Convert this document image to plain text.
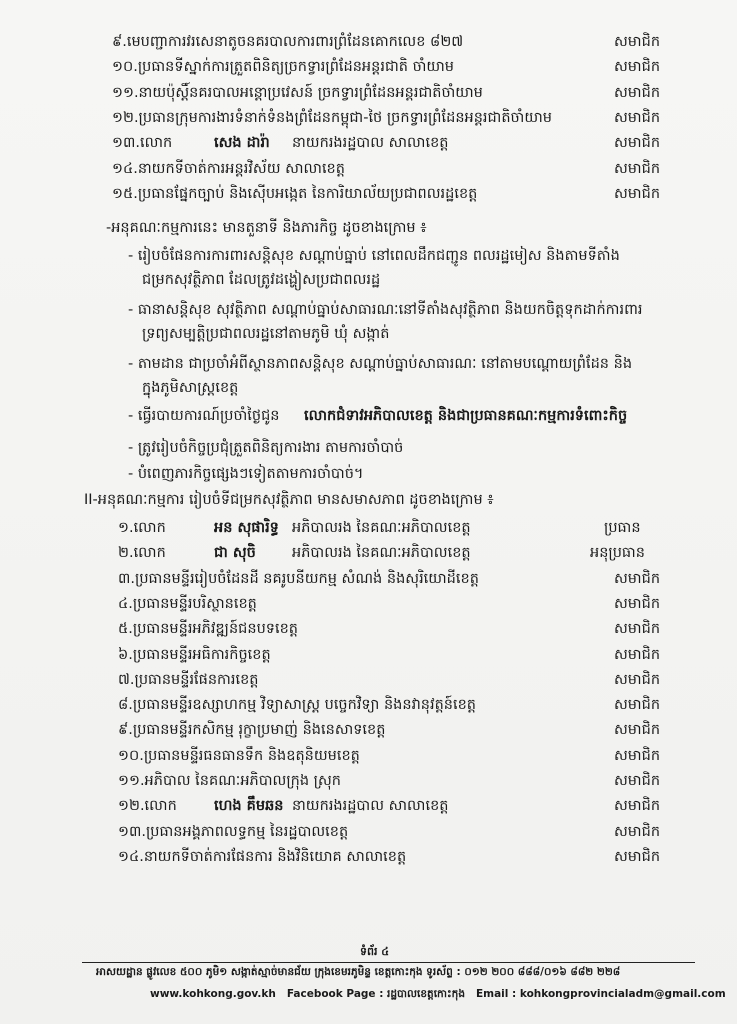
៩.មេបញ្ជាការវរសេនាតូចនគរបាលការពារព្រំដែនគោកលេខ ៨២៧	សមាជិក
១០.ប្រធានទីស្នាក់ការត្រួតពិនិត្យច្រកទ្វារព្រំដែនអន្តរជាតិ ចាំយាម	សមាជិក
១១.នាយប៉ុស្តិ៍នគរបាលអន្តោប្រវេសន៍ ច្រកទ្វារព្រំដែនអន្តរជាតិចាំយាម	សមាជិក
១២.ប្រធានក្រុមការងារទំនាក់ទំនងព្រំដែនកម្ពុជា-ថៃ ច្រកទ្វារព្រំដែនអន្តរជាតិចាំយាម	សមាជិក
១៣.លោក	សេង ដារ៉ា នាយករងរដ្ឋបាល សាលាខេត្ត	សមាជិក
១៤.នាយកទីចាត់ការអន្តរវិស័យ សាលាខេត្ត	សមាជិក
១៥.ប្រធានផ្នែកច្បាប់ និងស៊ើបអង្កេត នៃការិយាល័យប្រជាពលរដ្ឋខេត្ត	សមាជិក
-អនុគណៈកម្មការនេះ មានតួនាទី និងភារកិច្ច ដូចខាងក្រោម ៖
- រៀបចំផែនការការពារសន្តិសុខ សណ្តាប់ធ្នាប់ នៅពេលដឹកជញ្ជូន ពលរដ្ឋមៀស និងតាមទីតាំង
ជម្រកសុវត្ថិភាព ដែលត្រូវដង្ហៀសប្រជាពលរដ្ឋ
- ធានាសន្តិសុខ សុវត្ថិភាព សណ្តាប់ធ្នាប់សាធារណៈនៅទីតាំងសុវត្ថិភាព និងយកចិត្តទុកដាក់ការពារ
ទ្រព្យសម្បត្តិប្រជាពលរដ្ឋនៅតាមភូមិ ឃុំ សង្កាត់
- តាមដាន ជាប្រចាំអំពីស្ថានភាពសន្តិសុខ សណ្តាប់ធ្នាប់សាធារណៈ នៅតាមបណ្តោយព្រំដែន និង
ក្នុងភូមិសាស្ត្រខេត្ត
- ធ្វើរបាយការណ៍ប្រចាំថ្ងៃជូន លោកជំទាវអភិបាលខេត្ត និងជាប្រធានគណៈកម្មការទំពោះកិច្ច
- ត្រូវរៀបចំកិច្ចប្រជុំត្រួតពិនិត្យការងារ តាមការចាំបាច់
- បំពេញភារកិច្ចផ្សេងៗទៀតតាមការចាំបាច់។
II-អនុគណៈកម្មការ រៀបចំទីជម្រកសុវត្ថិភាព មានសមាសភាព ដូចខាងក្រោម ៖
១.លោក	អន សុផារិទ្ធ អភិបាលរង នៃគណៈអភិបាលខេត្ត	ប្រធាន
២.លោក	ជា សុចិ អភិបាលរង នៃគណៈអភិបាលខេត្ត	អនុប្រធាន
៣.ប្រធានមន្ទីររៀបចំដែនដី នគរូបនីយកម្ម សំណង់ និងសុរិយោដីខេត្ត	សមាជិក
៤.ប្រធានមន្ទីរបរិស្ថានខេត្ត	សមាជិក
៥.ប្រធានមន្ទីរអភិវឌ្ឍន៍ជនបទខេត្ត	សមាជិក
៦.ប្រធានមន្ទីរអធិការកិច្ចខេត្ត	សមាជិក
៧.ប្រធានមន្ទីរផែនការខេត្ត	សមាជិក
៨.ប្រធានមន្ទីរឧស្សាហកម្ម វិទ្យាសាស្ត្រ បច្ចេកវិទ្យា និងនវានុវត្តន៍ខេត្ត	សមាជិក
៩.ប្រធានមន្ទីរកសិកម្ម រុក្ខាប្រមាញ់ និងនេសាទខេត្ត	សមាជិក
១០.ប្រធានមន្ទីរធនធានទឹក និងឧតុនិយមខេត្ត	សមាជិក
១១.អភិបាល នៃគណៈអភិបាលក្រុង ស្រុក	សមាជិក
១២.លោក	ហេង គឹមឆន នាយករងរដ្ឋបាល សាលាខេត្ត	សមាជិក
១៣.ប្រធានអង្គភាពលទ្ធកម្ម នៃរដ្ឋបាលខេត្ត	សមាជិក
១៤.នាយកទីចាត់ការផែនការ និងវិនិយោគ សាលាខេត្ត	សមាជិក
ទំព័រ ៤
អាសយដ្ឋាន ផ្លូវលេខ ៥០០ ភូមិ១ សង្កាត់ស្មាច់មានជ័យ ក្រុងខេមរភូមិន្ទ ខេត្តកោះកុង ទូរស័ព្ទ : ០១២ ២០០ ៨៨៨/០១៦ ៨៨២ ២២៨
www.kohkong.gov.kh Facebook Page : រដ្ឋបាលខេត្តកោះកុង Email : kohkongprovincialadm@gmail.com
